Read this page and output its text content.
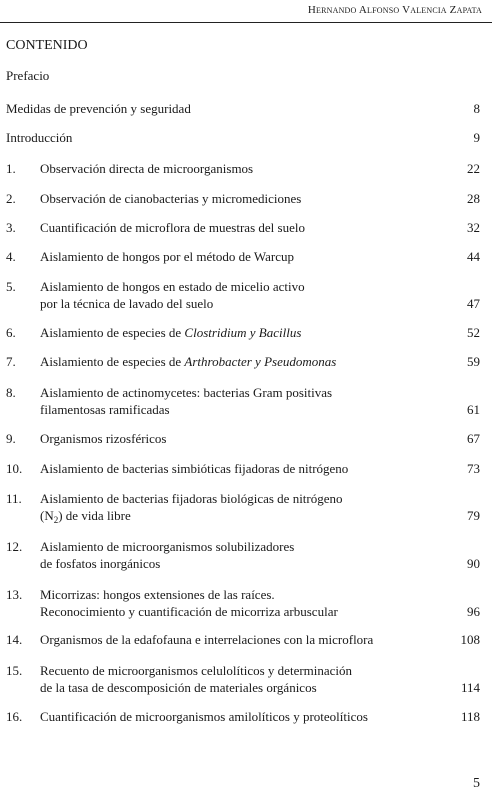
Hernando Alfonso Valencia Zapata
CONTENIDO
Prefacio
Medidas de prevención y seguridad	8
Introducción	9
1.	Observación directa de microorganismos	22
2.	Observación de cianobacterias y micromediciones	28
3.	Cuantificación de microflora de muestras del suelo	32
4.	Aislamiento de hongos por el método de Warcup	44
5.	Aislamiento de hongos en estado de micelio activo
por la técnica de lavado del suelo	47
6.	Aislamiento de especies de Clostridium y Bacillus	52
7.	Aislamiento de especies de Arthrobacter y Pseudomonas	59
8.	Aislamiento de actinomycetes: bacterias Gram positivas
filamentosas ramificadas	61
9.	Organismos rizosféricos	67
10.	Aislamiento de bacterias simbióticas fijadoras de nitrógeno	73
11.	Aislamiento de bacterias fijadoras biológicas de nitrógeno
$(N_2)$ de vida libre	79
12.	Aislamiento de microorganismos solubilizadores
de fosfatos inorgánicos	90
13.	Micorrizas: hongos extensiones de las raíces.
Reconocimiento y cuantificación de micorriza arbuscular	96
14.	Organismos de la edafofauna e interrelaciones con la microflora	108
15.	Recuento de microorganismos celulolíticos y determinación
de la tasa de descomposición de materiales orgánicos	114
16.	Cuantificación de microorganismos amilolíticos y proteolíticos	118
5
